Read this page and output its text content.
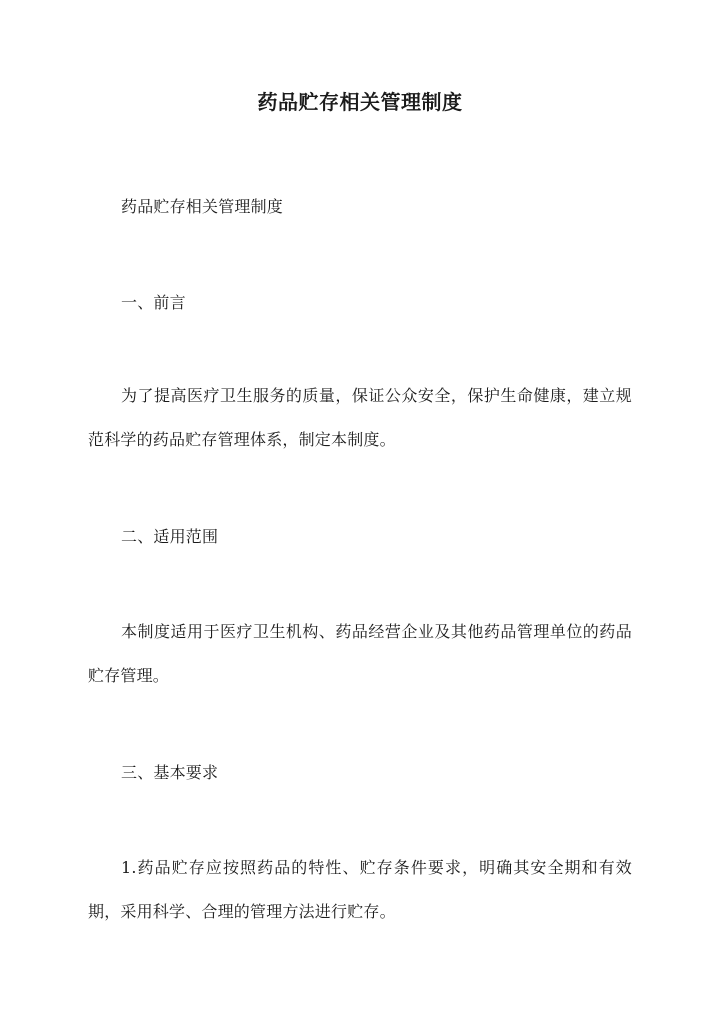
药品贮存相关管理制度
药品贮存相关管理制度
一、前言
为了提高医疗卫生服务的质量，保证公众安全，保护生命健康，建立规范科学的药品贮存管理体系，制定本制度。
二、适用范围
本制度适用于医疗卫生机构、药品经营企业及其他药品管理单位的药品贮存管理。
三、基本要求
1.药品贮存应按照药品的特性、贮存条件要求，明确其安全期和有效期，采用科学、合理的管理方法进行贮存。
